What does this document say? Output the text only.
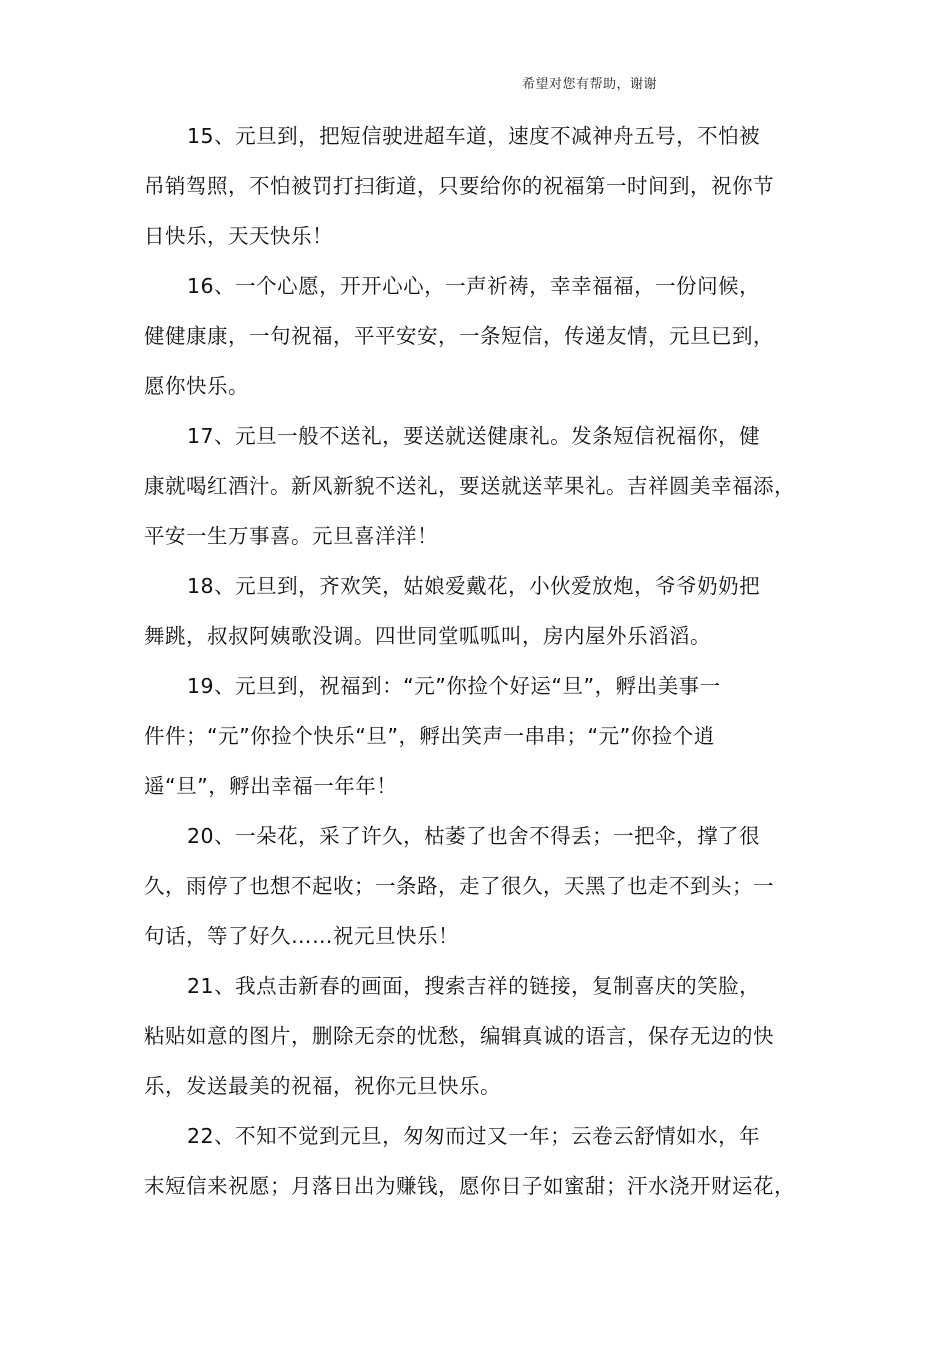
希望对您有帮助，谢谢
15、元旦到，把短信驶进超车道，速度不减神舟五号，不怕被
吊销驾照，不怕被罚打扫街道，只要给你的祝福第一时间到，祝你节
日快乐，天天快乐！
16、一个心愿，开开心心，一声祈祷，幸幸福福，一份问候，
健健康康，一句祝福，平平安安，一条短信，传递友情，元旦已到，
愿你快乐。
17、元旦一般不送礼，要送就送健康礼。发条短信祝福你，健
康就喝红酒汁。新风新貌不送礼，要送就送苹果礼。吉祥圆美幸福添，
平安一生万事喜。元旦喜洋洋！
18、元旦到，齐欢笑，姑娘爱戴花，小伙爱放炮，爷爷奶奶把
舞跳，叔叔阿姨歌没调。四世同堂呱呱叫，房内屋外乐滔滔。
19、元旦到，祝福到：“元”你捡个好运“旦”，孵出美事一
件件；“元”你捡个快乐“旦”，孵出笑声一串串；“元”你捡个逍
遥“旦”，孵出幸福一年年！
20、一朵花，采了许久，枯萎了也舍不得丢；一把伞，撑了很
久，雨停了也想不起收；一条路，走了很久，天黑了也走不到头；一
句话，等了好久……祝元旦快乐！
21、我点击新春的画面，搜索吉祥的链接，复制喜庆的笑脸，
粘贴如意的图片，删除无奈的忧愁，编辑真诚的语言，保存无边的快
乐，发送最美的祝福，祝你元旦快乐。
22、不知不觉到元旦，匆匆而过又一年；云卷云舒情如水，年
末短信来祝愿；月落日出为赚钱，愿你日子如蜜甜；汗水浇开财运花，
